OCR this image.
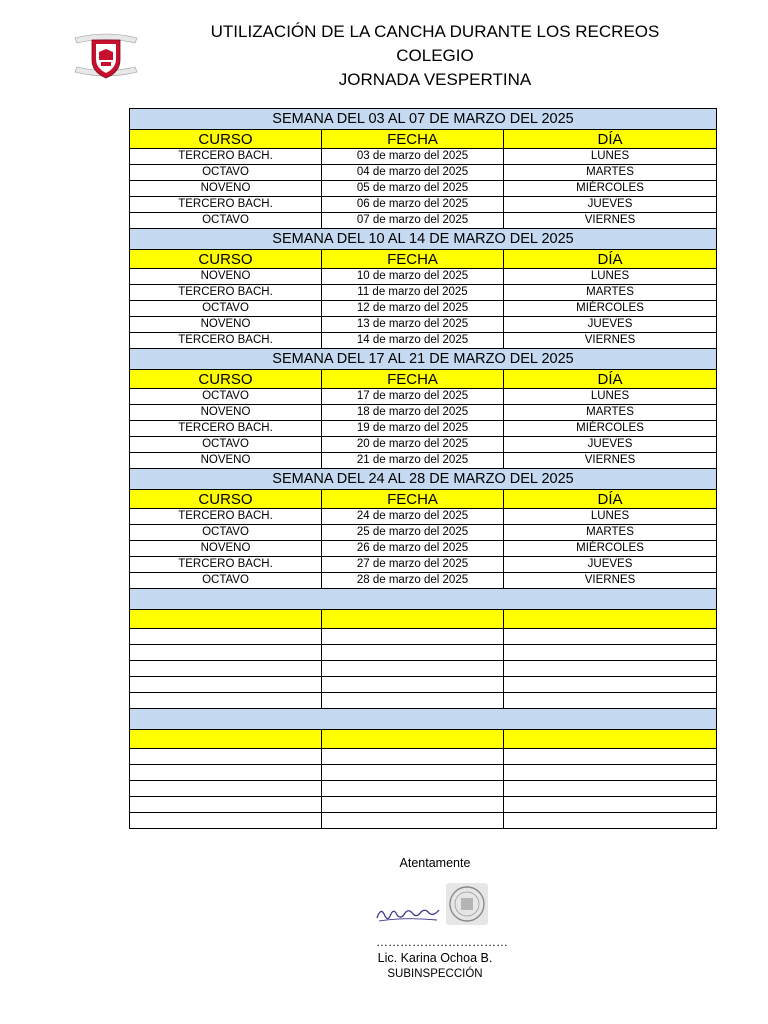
UTILIZACIÓN DE LA CANCHA DURANTE LOS RECREOS
COLEGIO
JORNADA VESPERTINA
SEMANA DEL 03 AL 07 DE MARZO DEL 2025		
CURSO	FECHA	DÍA
TERCERO BACH.	03 de marzo del 2025	LUNES
OCTAVO	04 de marzo del 2025	MARTES
NOVENO	05 de marzo del 2025	MIÉRCOLES
TERCERO BACH.	06 de marzo del 2025	JUEVES
OCTAVO	07 de marzo del 2025	VIERNES
SEMANA DEL 10 AL 14 DE MARZO DEL 2025		
CURSO	FECHA	DÍA
NOVENO	10 de marzo del 2025	LUNES
TERCERO BACH.	11 de marzo del 2025	MARTES
OCTAVO	12 de marzo del 2025	MIÉRCOLES
NOVENO	13 de marzo del 2025	JUEVES
TERCERO BACH.	14 de marzo del 2025	VIERNES
SEMANA DEL 17 AL 21 DE MARZO DEL 2025		
CURSO	FECHA	DÍA
OCTAVO	17 de marzo del 2025	LUNES
NOVENO	18 de marzo del 2025	MARTES
TERCERO BACH.	19 de marzo del 2025	MIÉRCOLES
OCTAVO	20 de marzo del 2025	JUEVES
NOVENO	21 de marzo del 2025	VIERNES
SEMANA DEL 24 AL 28 DE MARZO DEL 2025		
CURSO	FECHA	DÍA
TERCERO BACH.	24 de marzo del 2025	LUNES
OCTAVO	25 de marzo del 2025	MARTES
NOVENO	26 de marzo del 2025	MIÉRCOLES
TERCERO BACH.	27 de marzo del 2025	JUEVES
OCTAVO	28 de marzo del 2025	VIERNES

Atentamente
……………………………
Lic. Karina Ochoa B.
SUBINSPECCIÓN
